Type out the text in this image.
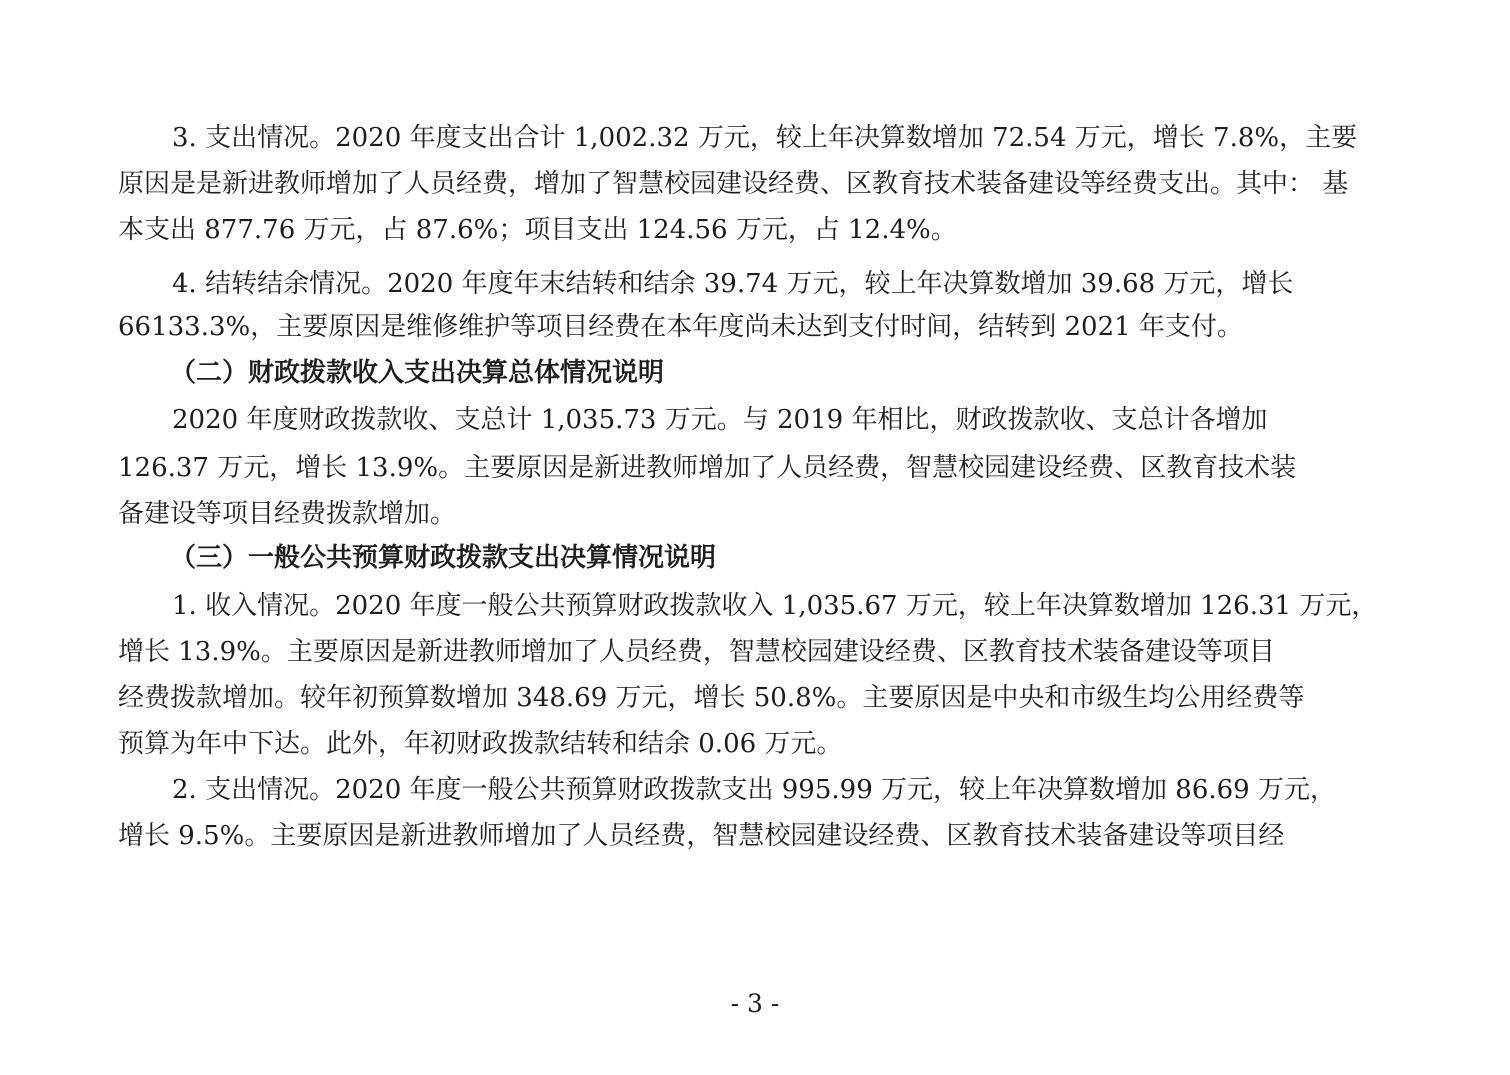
3. 支出情况。2020 年度支出合计 1,002.32 万元，较上年决算数增加 72.54 万元，增长 7.8%，主要
原因是是新进教师增加了人员经费，增加了智慧校园建设经费、区教育技术装备建设等经费支出。其中： 基
本支出 877.76 万元，占 87.6%；项目支出 124.56 万元，占 12.4%。
4. 结转结余情况。2020 年度年末结转和结余 39.74 万元，较上年决算数增加 39.68 万元，增长
66133.3%，主要原因是维修维护等项目经费在本年度尚未达到支付时间，结转到 2021 年支付。
（二）财政拨款收入支出决算总体情况说明
2020 年度财政拨款收、支总计 1,035.73 万元。与 2019 年相比，财政拨款收、支总计各增加
126.37 万元，增长 13.9%。主要原因是新进教师增加了人员经费，智慧校园建设经费、区教育技术装
备建设等项目经费拨款增加。
（三）一般公共预算财政拨款支出决算情况说明
1. 收入情况。2020 年度一般公共预算财政拨款收入 1,035.67 万元，较上年决算数增加 126.31 万元，
增长 13.9%。主要原因是新进教师增加了人员经费，智慧校园建设经费、区教育技术装备建设等项目
经费拨款增加。较年初预算数增加 348.69 万元，增长 50.8%。主要原因是中央和市级生均公用经费等
预算为年中下达。此外，年初财政拨款结转和结余 0.06 万元。
2. 支出情况。2020 年度一般公共预算财政拨款支出 995.99 万元，较上年决算数增加 86.69 万元，
增长 9.5%。主要原因是新进教师增加了人员经费，智慧校园建设经费、区教育技术装备建设等项目经
- 3 -
